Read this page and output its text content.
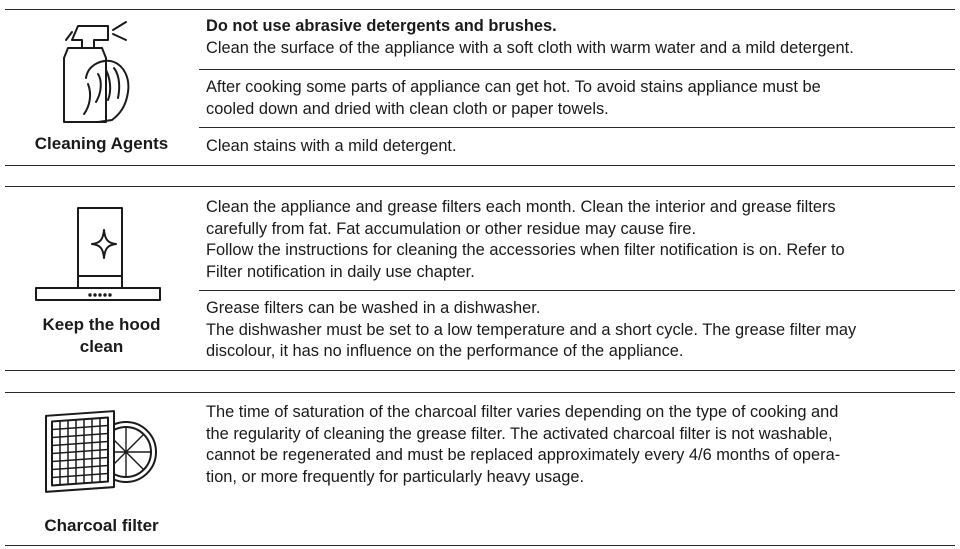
Cleaning Agents
Do not use abrasive detergents and brushes.
Clean the surface of the appliance with a soft cloth with warm water and a mild detergent.
After cooking some parts of appliance can get hot. To avoid stains appliance must be
cooled down and dried with clean cloth or paper towels.
Clean stains with a mild detergent.
Keep the hood
clean
Clean the appliance and grease filters each month. Clean the interior and grease filters
carefully from fat. Fat accumulation or other residue may cause fire.
Follow the instructions for cleaning the accessories when filter notification is on. Refer to
Filter notification in daily use chapter.
Grease filters can be washed in a dishwasher.
The dishwasher must be set to a low temperature and a short cycle. The grease filter may
discolour, it has no influence on the performance of the appliance.
Charcoal filter
The time of saturation of the charcoal filter varies depending on the type of cooking and
the regularity of cleaning the grease filter. The activated charcoal filter is not washable,
cannot be regenerated and must be replaced approximately every 4/6 months of opera-
tion, or more frequently for particularly heavy usage.
